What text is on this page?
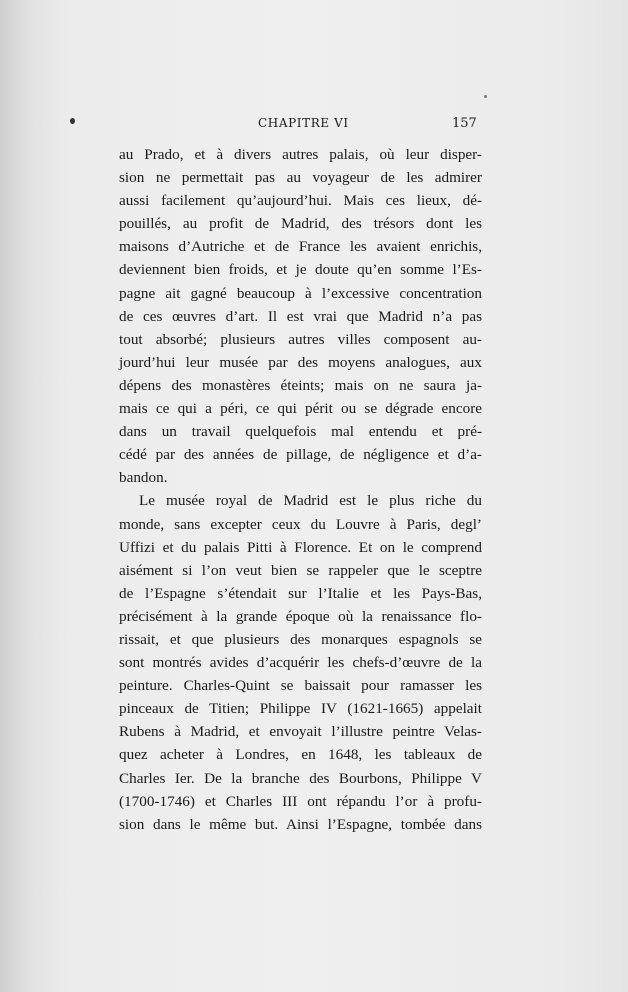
CHAPITRE VI	157
au Prado, et à divers autres palais, où leur disper-
sion ne permettait pas au voyageur de les admirer
aussi facilement qu’aujourd’hui. Mais ces lieux, dé-
pouillés, au profit de Madrid, des trésors dont les
maisons d’Autriche et de France les avaient enrichis,
deviennent bien froids, et je doute qu’en somme l’Es-
pagne ait gagné beaucoup à l’excessive concentration
de ces œuvres d’art. Il est vrai que Madrid n’a pas
tout absorbé; plusieurs autres villes composent au-
jourd’hui leur musée par des moyens analogues, aux
dépens des monastères éteints; mais on ne saura ja-
mais ce qui a péri, ce qui périt ou se dégrade encore
dans un travail quelquefois mal entendu et pré-
cédé par des années de pillage, de négligence et d’a-
bandon.
Le musée royal de Madrid est le plus riche du
monde, sans excepter ceux du Louvre à Paris, degl’
Uffizi et du palais Pitti à Florence. Et on le comprend
aisément si l’on veut bien se rappeler que le sceptre
de l’Espagne s’étendait sur l’Italie et les Pays-Bas,
précisément à la grande époque où la renaissance flo-
rissait, et que plusieurs des monarques espagnols se
sont montrés avides d’acquérir les chefs-d’œuvre de la
peinture. Charles-Quint se baissait pour ramasser les
pinceaux de Titien; Philippe IV (1621-1665) appelait
Rubens à Madrid, et envoyait l’illustre peintre Velas-
quez acheter à Londres, en 1648, les tableaux de
Charles Ier. De la branche des Bourbons, Philippe V
(1700-1746) et Charles III ont répandu l’or à profu-
sion dans le même but. Ainsi l’Espagne, tombée dans
